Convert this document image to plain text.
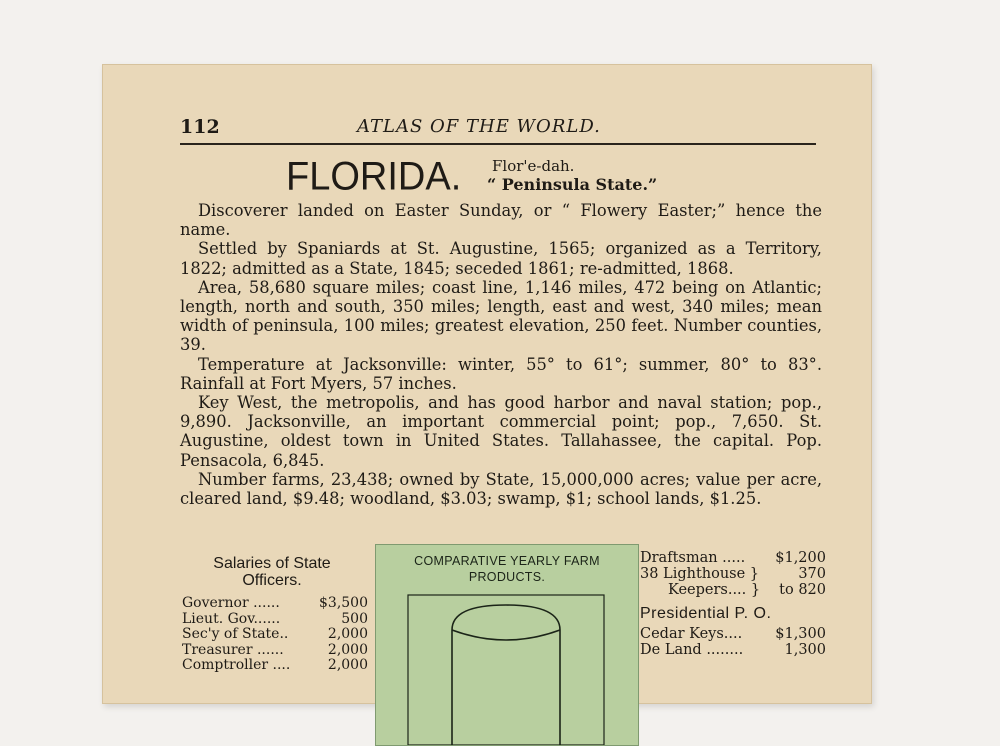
112	ATLAS OF THE WORLD.
FLORIDA. Flor'e-dah.
“ Peninsula State.”

Discoverer landed on Easter Sunday, or “ Flowery Easter;” hence the name.

Settled by Spaniards at St. Augustine, 1565; organized as a Territory, 1822; admitted as a State, 1845; seceded 1861; re-admitted, 1868.

Area, 58,680 square miles; coast line, 1,146 miles, 472 being on Atlantic; length, north and south, 350 miles; length, east and west, 340 miles; mean width of peninsula, 100 miles; greatest elevation, 250 feet. Number counties, 39.

Temperature at Jacksonville: winter, 55° to 61°; summer, 80° to 83°. Rainfall at Fort Myers, 57 inches.

Key West, the metropolis, and has good harbor and naval station; pop., 9,890. Jacksonville, an important commercial point; pop., 7,650. St. Augustine, oldest town in United States. Tallahassee, the capital. Pop. Pensacola, 6,845.

Number farms, 23,438; owned by State, 15,000,000 acres; value per acre, cleared land, $9.48; woodland, $3.03; swamp, $1; school lands, $1.25.

Salaries of State
Officers.
Governor ......	$3,500
Lieut. Gov......	500
Sec'y of State..	2,000
Treasurer ......	2,000
Comptroller ....	2,000
COMPARATIVE YEARLY FARM
PRODUCTS.
Draftsman ..... $1,200
38 Lighthouse }	370
Keepers.... } to 820
Presidential P. O.
Cedar Keys.... $1,300
De Land ........	1,300
